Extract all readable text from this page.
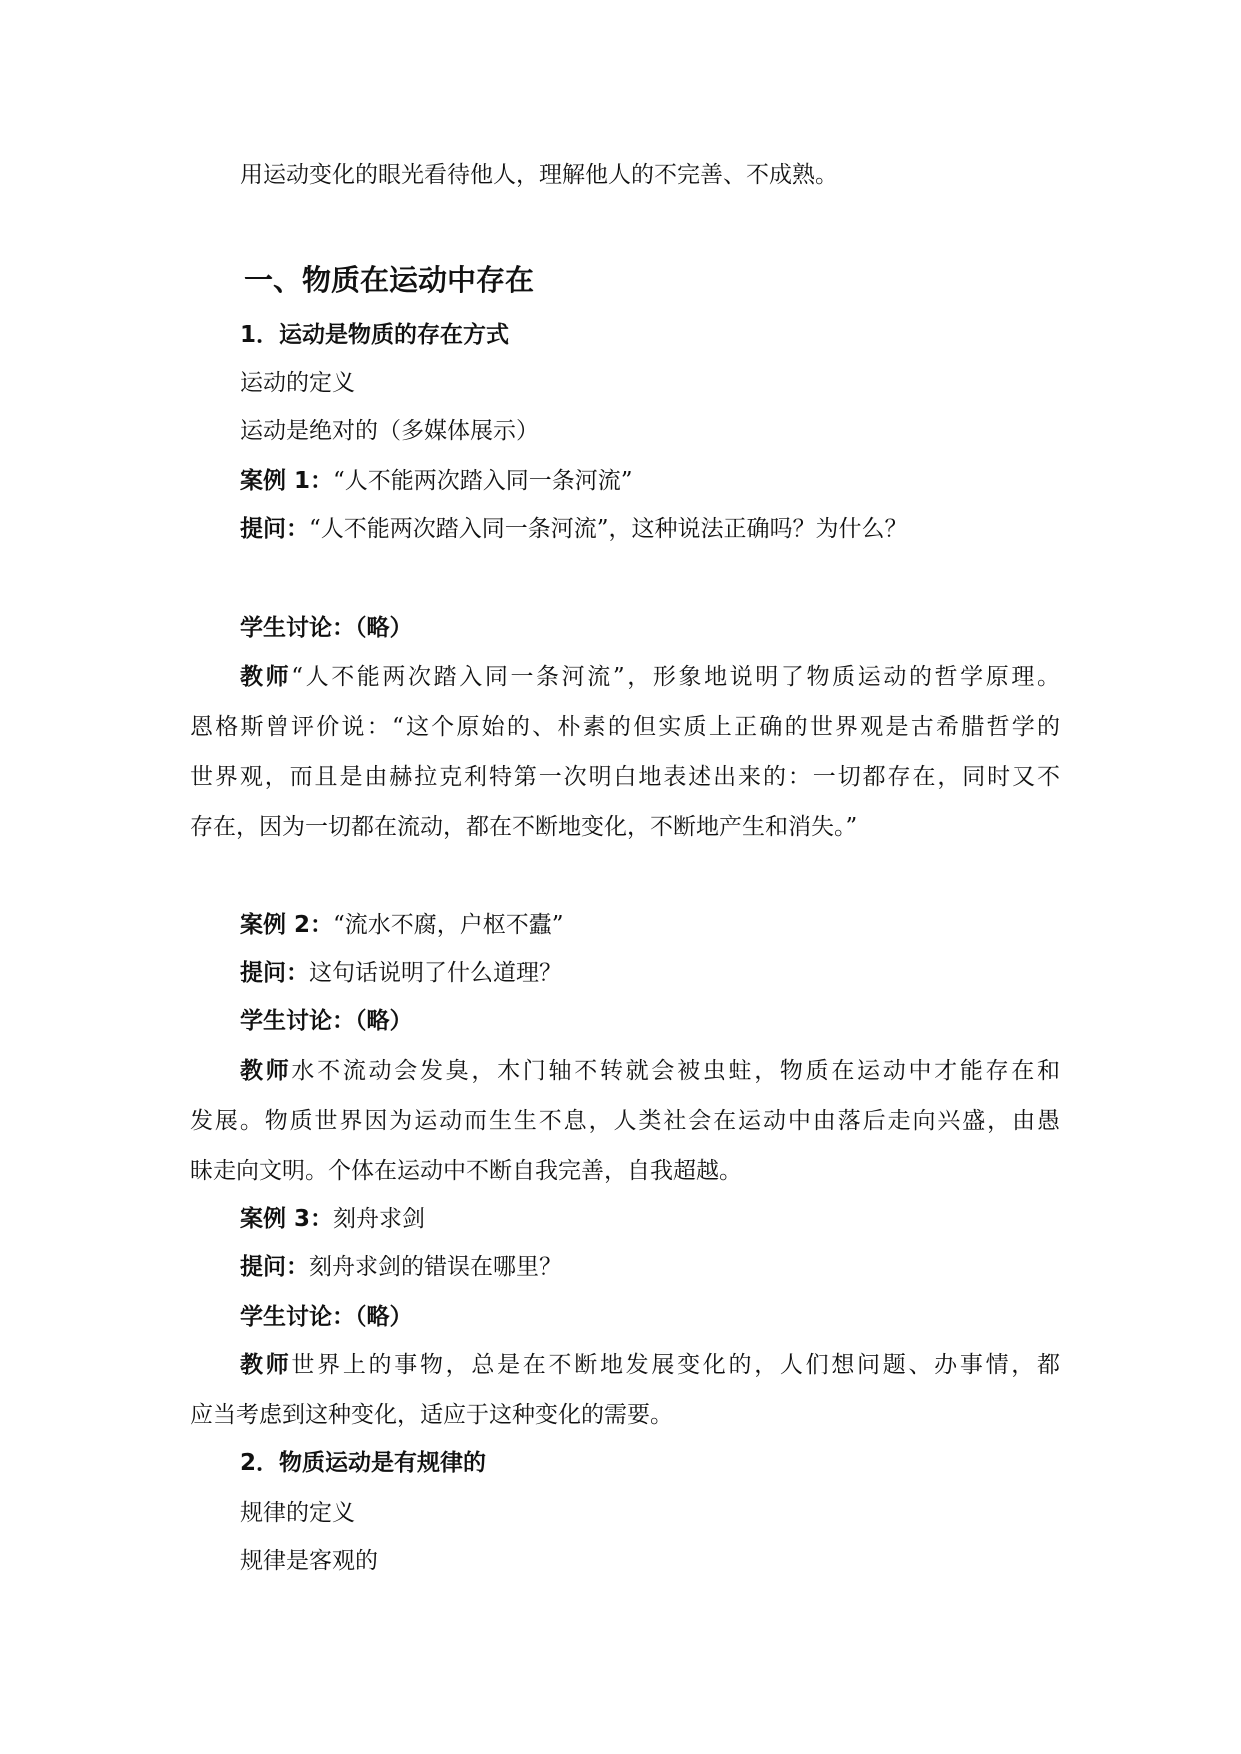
用运动变化的眼光看待他人，理解他人的不完善、不成熟。
一、物质在运动中存在
1．运动是物质的存在方式
运动的定义
运动是绝对的（多媒体展示）
案例 1：“人不能两次踏入同一条河流”
提问：“人不能两次踏入同一条河流”，这种说法正确吗？为什么？
学生讨论：（略）
教师“人不能两次踏入同一条河流”，形象地说明了物质运动的哲学原理。
恩格斯曾评价说：“这个原始的、朴素的但实质上正确的世界观是古希腊哲学的
世界观，而且是由赫拉克利特第一次明白地表述出来的：一切都存在，同时又不
存在，因为一切都在流动，都在不断地变化，不断地产生和消失。”
案例 2：“流水不腐，户枢不蠹”
提问：这句话说明了什么道理？
学生讨论：（略）
教师水不流动会发臭，木门轴不转就会被虫蛀，物质在运动中才能存在和
发展。物质世界因为运动而生生不息，人类社会在运动中由落后走向兴盛，由愚
昧走向文明。个体在运动中不断自我完善，自我超越。
案例 3：刻舟求剑
提问：刻舟求剑的错误在哪里？
学生讨论：（略）
教师世界上的事物，总是在不断地发展变化的，人们想问题、办事情，都
应当考虑到这种变化，适应于这种变化的需要。
2．物质运动是有规律的
规律的定义
规律是客观的
